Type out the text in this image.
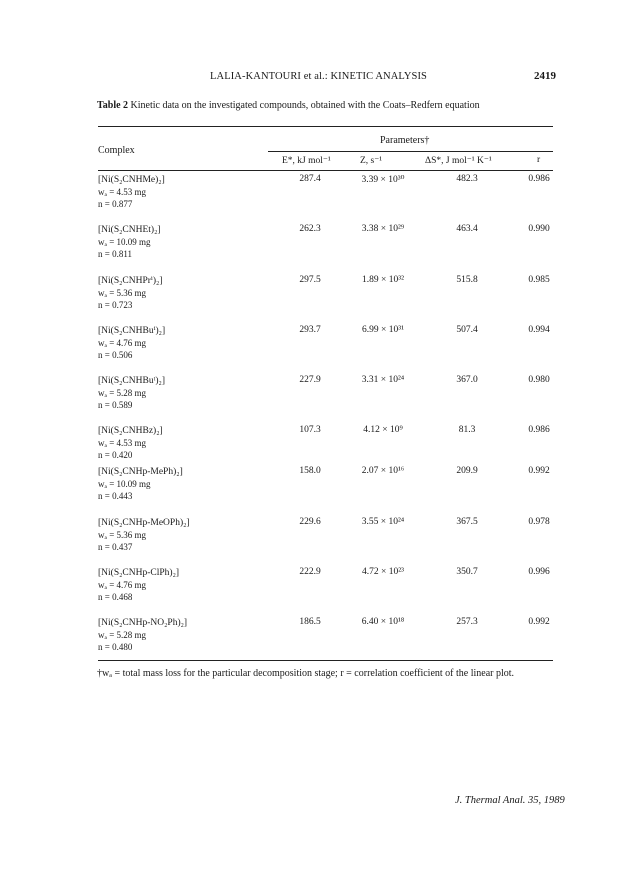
LALIA-KANTOURI et al.: KINETIC ANALYSIS	2419
Table 2 Kinetic data on the investigated compounds, obtained with the Coats–Redfern equation
Parameters†
Complex
E*, kJ mol⁻¹	Z, s⁻¹	ΔS*, J mol⁻¹ K⁻¹	r
[Ni(S₂CNHMe)₂]
wₐ = 4.53 mg
n = 0.877
287.4	3.39 × 10³⁰	482.3	0.986
[Ni(S₂CNHEt)₂]
wₐ = 10.09 mg
n = 0.811
262.3	3.38 × 10²⁹	463.4	0.990
[Ni(S₂CNHPrⁱ)₂]
wₐ = 5.36 mg
n = 0.723
297.5	1.89 × 10³²	515.8	0.985
[Ni(S₂CNHBuⁱ)₂]
wₐ = 4.76 mg
n = 0.506
293.7	6.99 × 10³¹	507.4	0.994
[Ni(S₂CNHBuᵗ)₂]
wₐ = 5.28 mg
n = 0.589
227.9	3.31 × 10²⁴	367.0	0.980
[Ni(S₂CNHBz)₂]
wₐ = 4.53 mg
n = 0.420
107.3	4.12 × 10⁹	81.3	0.986
[Ni(S₂CNHp-MePh)₂]
wₐ = 10.09 mg
n = 0.443
158.0	2.07 × 10¹⁶	209.9	0.992
[Ni(S₂CNHp-MeOPh)₂]
wₐ = 5.36 mg
n = 0.437
229.6	3.55 × 10²⁴	367.5	0.978
[Ni(S₂CNHp-ClPh)₂]
wₐ = 4.76 mg
n = 0.468
222.9	4.72 × 10²³	350.7	0.996
[Ni(S₂CNHp-NO₂Ph)₂]
wₐ = 5.28 mg
n = 0.480
186.5	6.40 × 10¹⁸	257.3	0.992
†wₐ = total mass loss for the particular decomposition stage; r = correlation coefficient of the linear plot.
J. Thermal Anal. 35, 1989
